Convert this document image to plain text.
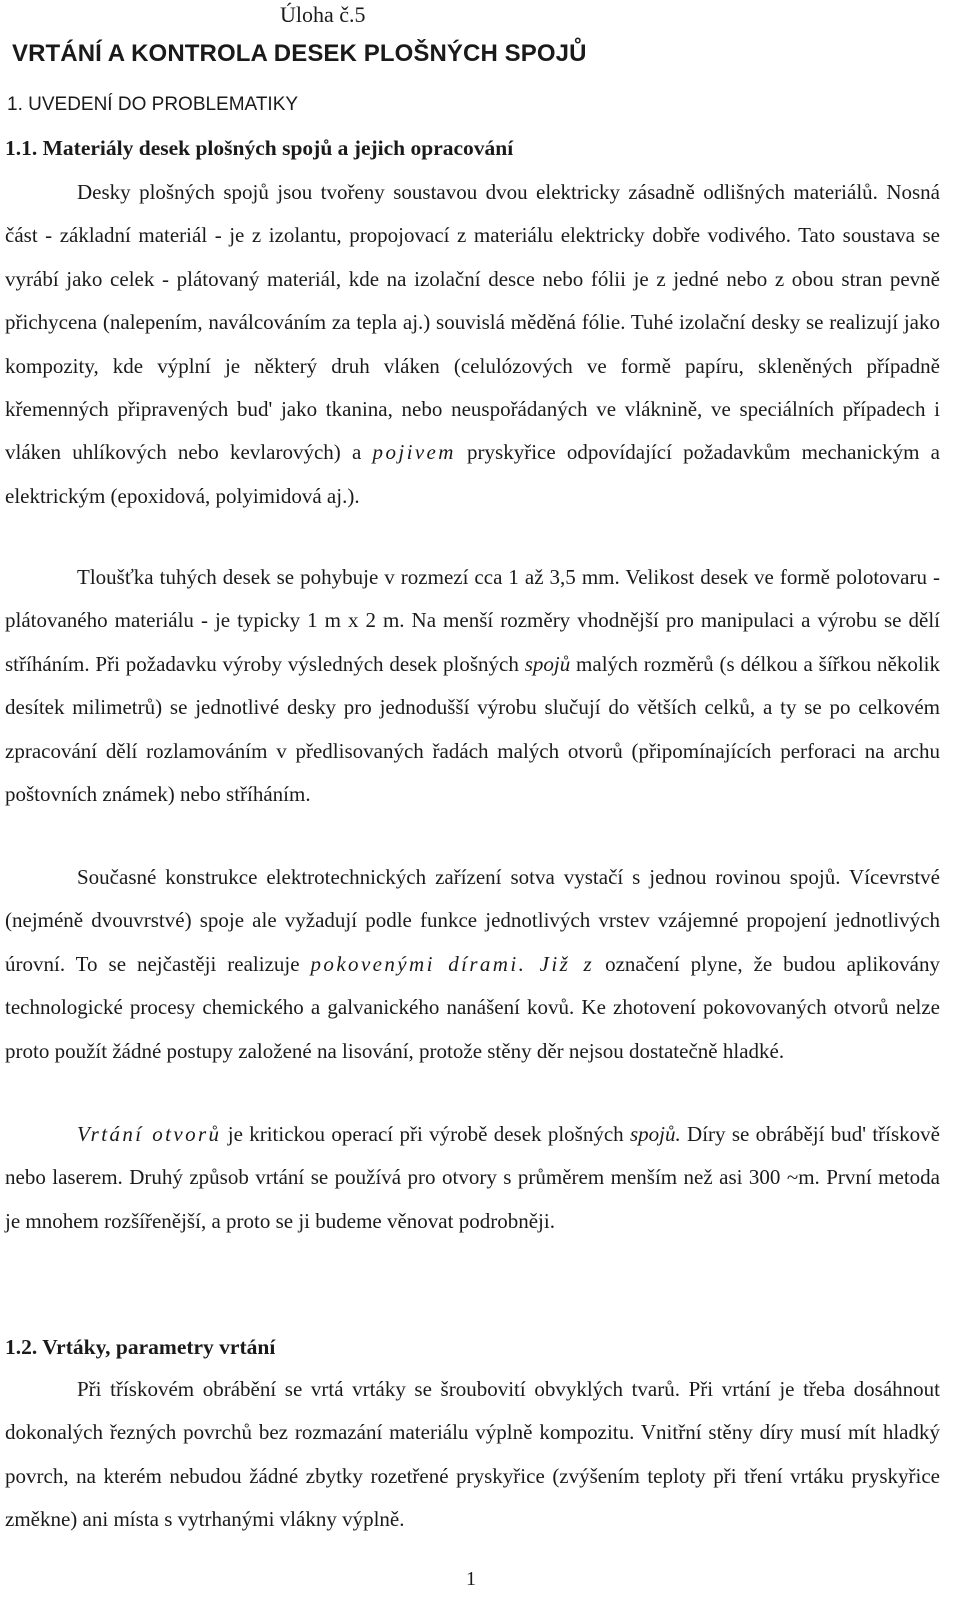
Úloha č.5
VRTÁNÍ A KONTROLA DESEK PLOŠNÝCH SPOJŮ
1. UVEDENÍ DO PROBLEMATIKY
1.1. Materiály desek plošných spojů a jejich opracování
Desky plošných spojů jsou tvořeny soustavou dvou elektricky zásadně odlišných materiálů. Nosná část - základní materiál - je z izolantu, propojovací z materiálu elektricky dobře vodivého. Tato soustava se vyrábí jako celek - plátovaný materiál, kde na izolační desce nebo fólii je z jedné nebo z obou stran pevně přichycena (nalepením, naválcováním za tepla aj.) souvislá měděná fólie. Tuhé izolační desky se realizují jako kompozity, kde výplní je některý druh vláken (celulózových ve formě papíru, skleněných případně křemenných připravených bud' jako tkanina, nebo neuspořádaných ve vláknině, ve speciálních případech i vláken uhlíkových nebo kevlarových) a pojivem pryskyřice odpovídající požadavkům mechanickým a elektrickým (epoxidová, polyimidová aj.).
Tloušťka tuhých desek se pohybuje v rozmezí cca 1 až 3,5 mm. Velikost desek ve formě polotovaru - plátovaného materiálu - je typicky 1 m x 2 m. Na menší rozměry vhodnější pro manipulaci a výrobu se dělí stříháním. Při požadavku výroby výsledných desek plošných spojů malých rozměrů (s délkou a šířkou několik desítek milimetrů) se jednotlivé desky pro jednodušší výrobu slučují do větších celků, a ty se po celkovém zpracování dělí rozlamováním v předlisovaných řadách malých otvorů (připomínajících perforaci na archu poštovních známek) nebo stříháním.
Současné konstrukce elektrotechnických zařízení sotva vystačí s jednou rovinou spojů. Vícevrstvé (nejméně dvouvrstvé) spoje ale vyžadují podle funkce jednotlivých vrstev vzájemné propojení jednotlivých úrovní. To se nejčastěji realizuje pokovenými dírami. Již z označení plyne, že budou aplikovány technologické procesy chemického a galvanického nanášení kovů. Ke zhotovení pokovovaných otvorů nelze proto použít žádné postupy založené na lisování, protože stěny děr nejsou dostatečně hladké.
Vrtání otvorů je kritickou operací při výrobě desek plošných spojů. Díry se obrábějí bud' třískově nebo laserem. Druhý způsob vrtání se používá pro otvory s průměrem menším než asi 300 ~m. První metoda je mnohem rozšířenější, a proto se ji budeme věnovat podrobněji.
1.2. Vrtáky, parametry vrtání
Při třískovém obrábění se vrtá vrtáky se šroubovití obvyklých tvarů. Při vrtání je třeba dosáhnout dokonalých řezných povrchů bez rozmazání materiálu výplně kompozitu. Vnitřní stěny díry musí mít hladký povrch, na kterém nebudou žádné zbytky rozetřené pryskyřice (zvýšením teploty při tření vrtáku pryskyřice změkne) ani místa s vytrhanými vlákny výplně.
1
